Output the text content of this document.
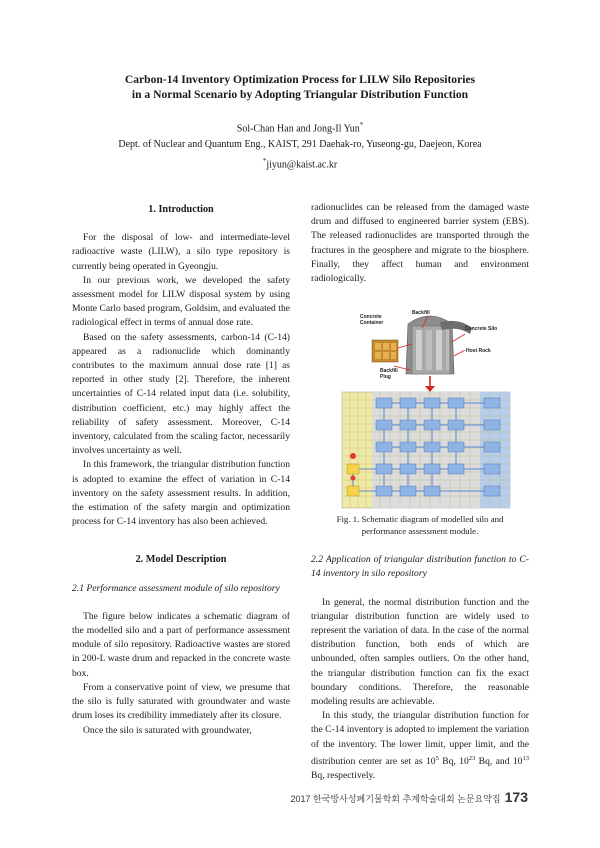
Carbon-14 Inventory Optimization Process for LILW Silo Repositories
in a Normal Scenario by Adopting Triangular Distribution Function
Sol-Chan Han and Jong-Il Yun*
Dept. of Nuclear and Quantum Eng., KAIST, 291 Daehak-ro, Yuseong-gu, Daejeon, Korea
*jiyun@kaist.ac.kr
1. Introduction

For the disposal of low- and intermediate-level radioactive waste (LILW), a silo type repository is currently being operated in Gyeongju.

In our previous work, we developed the safety assessment model for LILW disposal system by using Monte Carlo based program, Goldsim, and evaluated the radiological effect in terms of annual dose rate.

Based on the safety assessments, carbon-14 (C-14) appeared as a radionuclide which dominantly contributes to the maximum annual dose rate [1] as reported in other study [2]. Therefore, the inherent uncertainties of C-14 related input data (i.e. solubility, distribution coefficient, etc.) may highly affect the reliability of safety assessment. Moreover, C-14 inventory, calculated from the scaling factor, necessarily involves uncertainty as well.

In this framework, the triangular distribution function is adopted to examine the effect of variation in C-14 inventory on the safety assessment results. In addition, the estimation of the safety margin and optimization process for C-14 inventory has also been achieved.

2. Model Description
2.1 Performance assessment module of silo repository

The figure below indicates a schematic diagram of the modelled silo and a part of performance assessment module of silo repository. Radioactive wastes are stored in 200-L waste drum and repacked in the concrete waste box.

From a conservative point of view, we presume that the silo is fully saturated with groundwater and waste drum loses its credibility immediately after its closure.

Once the silo is saturated with groundwater,

radionuclides can be released from the damaged waste drum and diffused to engineered barrier system (EBS). The released radionuclides are transported through the fractures in the geosphere and migrate to the biosphere. Finally, they affect human and environment radiologically.

Backfill
Concrete Container
Concrete Silo
Host Rock
Backfill Plug
Fig. 1. Schematic diagram of modelled silo and
performance assessment module.
2.2 Application of triangular distribution function to C-14 inventory in silo repository

In general, the normal distribution function and the triangular distribution function are widely used to represent the variation of data. In the case of the normal distribution function, both ends of which are unbounded, often samples outliers. On the other hand, the triangular distribution function can fix the exact boundary conditions. Therefore, the reasonable modeling results are achievable.

In this study, the triangular distribution function for the C-14 inventory is adopted to implement the variation of the inventory. The lower limit, upper limit, and the distribution center are set as $10^5$ Bq, $10^{23}$ Bq, and $10^{13}$ Bq, respectively.

2017 한국방사성폐기물학회 추계학술대회 논문요약집 173
